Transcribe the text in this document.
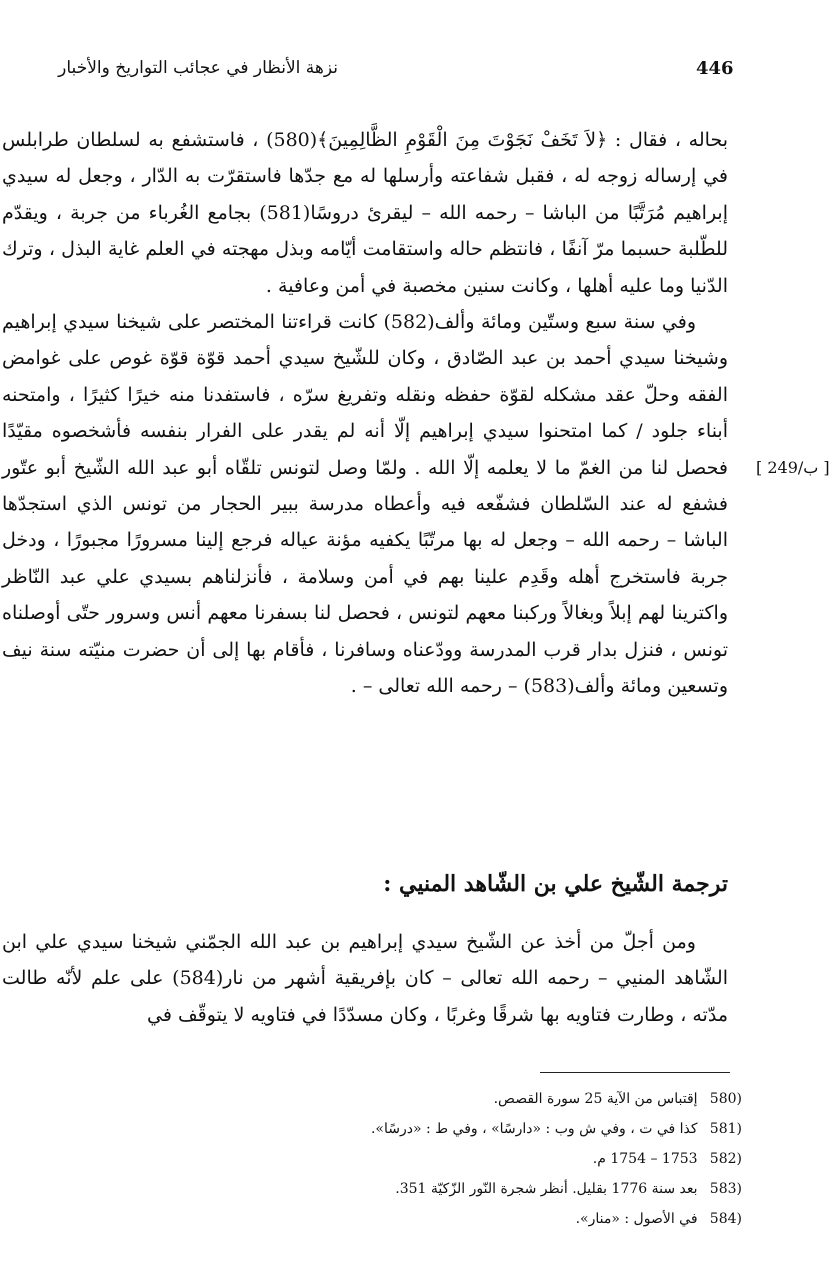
نزهة الأنظار في عجائب التواريخ والأخبار	446

بحاله ، فقال : ﴿لاَ تَخَفْ نَجَوْتَ مِنَ الْقَوْمِ الظَّالِمِينَ﴾(580) ، فاستشفع به لسلطان طرابلس في إرساله زوجه له ، فقبل شفاعته وأرسلها له مع جدّها فاستقرّت به الدّار ، وجعل له سيدي إبراهيم مُرَتَّبًا من الباشا – رحمه الله – ليقرئ دروسًا(581) بجامع الغُرباء من جربة ، ويقدّم للطّلبة حسبما مرّ آنفًا ، فانتظم حاله واستقامت أيّامه وبذل مهجته في العلم غاية البذل ، وترك الدّنيا وما عليه أهلها ، وكانت سنين مخصبة في أمن وعافية .

وفي سنة سبع وستّين ومائة وألف(582) كانت قراءتنا المختصر على شيخنا سيدي إبراهيم وشيخنا سيدي أحمد بن عبد الصّادق ، وكان للشّيخ سيدي أحمد قوّة قوّة غوص على غوامض الفقه وحلّ عقد مشكله لقوّة حفظه ونقله وتفريغ سرّه ، فاستفدنا منه خيرًا كثيرًا ، وامتحنه أبناء جلود / كما امتحنوا سيدي إبراهيم إلّا أنه لم يقدر على الفرار بنفسه فأشخصوه مقيّدًا فحصل لنا من الغمّ ما لا يعلمه إلّا الله . ولمّا وصل لتونس تلقّاه أبو عبد الله الشّيخ أبو عتّور فشفع له عند السّلطان فشفّعه فيه وأعطاه مدرسة ببير الحجار من تونس الذي استجدّها الباشا – رحمه الله – وجعل له بها مرتّبًا يكفيه مؤنة عياله فرجع إلينا مسرورًا مجبورًا ، ودخل جربة فاستخرج أهله وقَدِم علينا بهم في أمن وسلامة ، فأنزلناهم بسيدي علي عبد النّاظر واكترينا لهم إبلاً وبغالاً وركبنا معهم لتونس ، فحصل لنا بسفرنا معهم أنس وسرور حتّى أوصلناه تونس ، فنزل بدار قرب المدرسة وودّعناه وسافرنا ، فأقام بها إلى أن حضرت منيّته سنة نيف وتسعين ومائة وألف(583) – رحمه الله تعالى – .

[ 249/ب ]
ترجمة الشّيخ علي بن الشّاهد المنيي :

ومن أجلّ من أخذ عن الشّيخ سيدي إبراهيم بن عبد الله الجمّني شيخنا سيدي علي ابن الشّاهد المنيي – رحمه الله تعالى – كان بإفريقية أشهر من نار(584) على علم لأنّه طالت مدّته ، وطارت فتاويه بها شرقًا وغربًا ، وكان مسدّدًا في فتاويه لا يتوقّف في

(580 إقتباس من الآية 25 سورة القصص.
(581 كذا في ت ، وفي ش وب : «دارسًا» ، وفي ط : «درسًا».
(582 1753 – 1754 م.
(583 بعد سنة 1776 بقليل. أنظر شجرة النّور الزّكيّة 351.
(584 في الأصول : «منار».
